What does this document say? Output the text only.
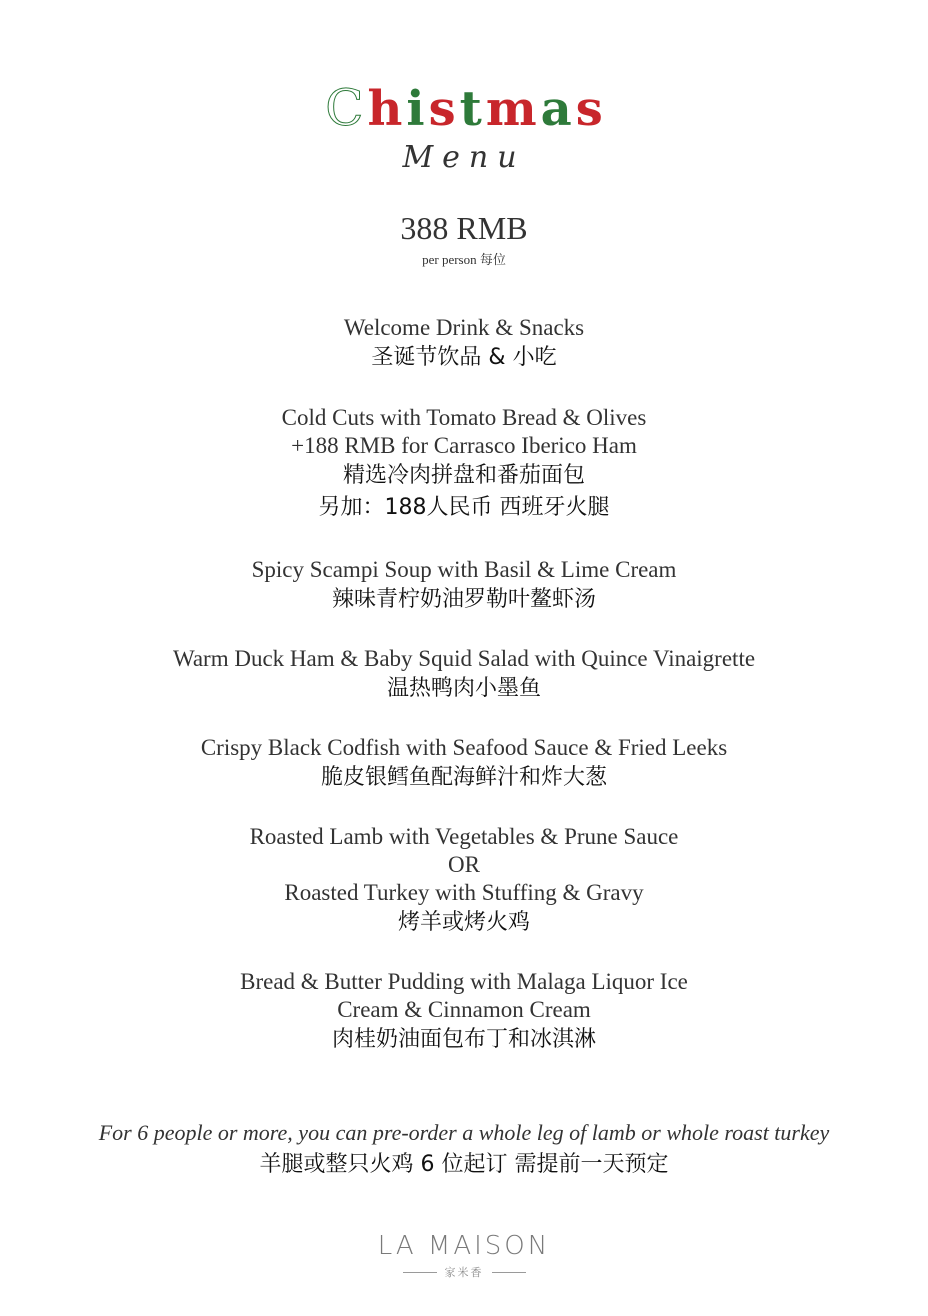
C h i s t m a s
Menu
388 RMB
per person 每位
Welcome Drink & Snacks
圣诞节饮品 & 小吃
Cold Cuts with Tomato Bread & Olives
+188 RMB for Carrasco Iberico Ham
精选冷肉拼盘和番茄面包
另加：188人民币 西班牙火腿
Spicy Scampi Soup with Basil & Lime Cream
辣味青柠奶油罗勒叶鳌虾汤
Warm Duck Ham & Baby Squid Salad with Quince Vinaigrette
温热鸭肉小墨鱼
Crispy Black Codfish with Seafood Sauce & Fried Leeks
脆皮银鳕鱼配海鲜汁和炸大葱
Roasted Lamb with Vegetables & Prune Sauce
OR
Roasted Turkey with Stuffing & Gravy
烤羊或烤火鸡
Bread & Butter Pudding with Malaga Liquor Ice
Cream & Cinnamon Cream
肉桂奶油面包布丁和冰淇淋
For 6 people or more, you can pre-order a whole leg of lamb or whole roast turkey
羊腿或整只火鸡 6 位起订 需提前一天预定
LA MAISON
家米香
